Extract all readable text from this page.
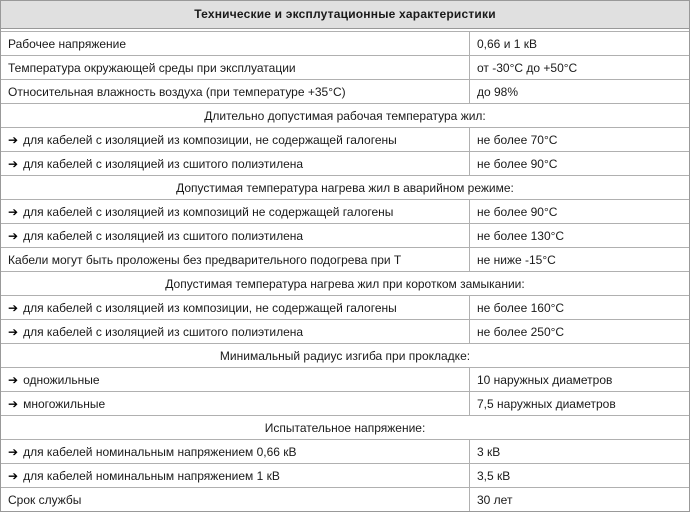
Технические и эксплутационные характеристики
Рабочее напряжение	0,66 и 1 кВ
Температура окружающей среды при эксплуатации	от -30°С до +50°С
Относительная влажность воздуха (при температуре +35°С)	до 98%
Длительно допустимая рабочая температура жил:	
➔ для кабелей с изоляцией из композиции, не содержащей галогены	не более 70°С
➔ для кабелей с изоляцией из сшитого полиэтилена	не более 90°С
Допустимая температура нагрева жил в аварийном режиме:	
➔ для кабелей с изоляцией из композиций не содержащей галогены	не более 90°С
➔ для кабелей с изоляцией из сшитого полиэтилена	не более 130°С
Кабели могут быть проложены без предварительного подогрева при Т	не ниже -15°С
Допустимая температура нагрева жил при коротком замыкании:	
➔ для кабелей с изоляцией из композиции, не содержащей галогены	не более 160°С
➔ для кабелей с изоляцией из сшитого полиэтилена	не более 250°С
Минимальный радиус изгиба при прокладке:	
➔ одножильные	10 наружных диаметров
➔ многожильные	7,5 наружных диаметров
Испытательное напряжение:	
➔ для кабелей номинальным напряжением 0,66 кВ	3 кВ
➔ для кабелей номинальным напряжением 1 кВ	3,5 кВ
Срок службы	30 лет
